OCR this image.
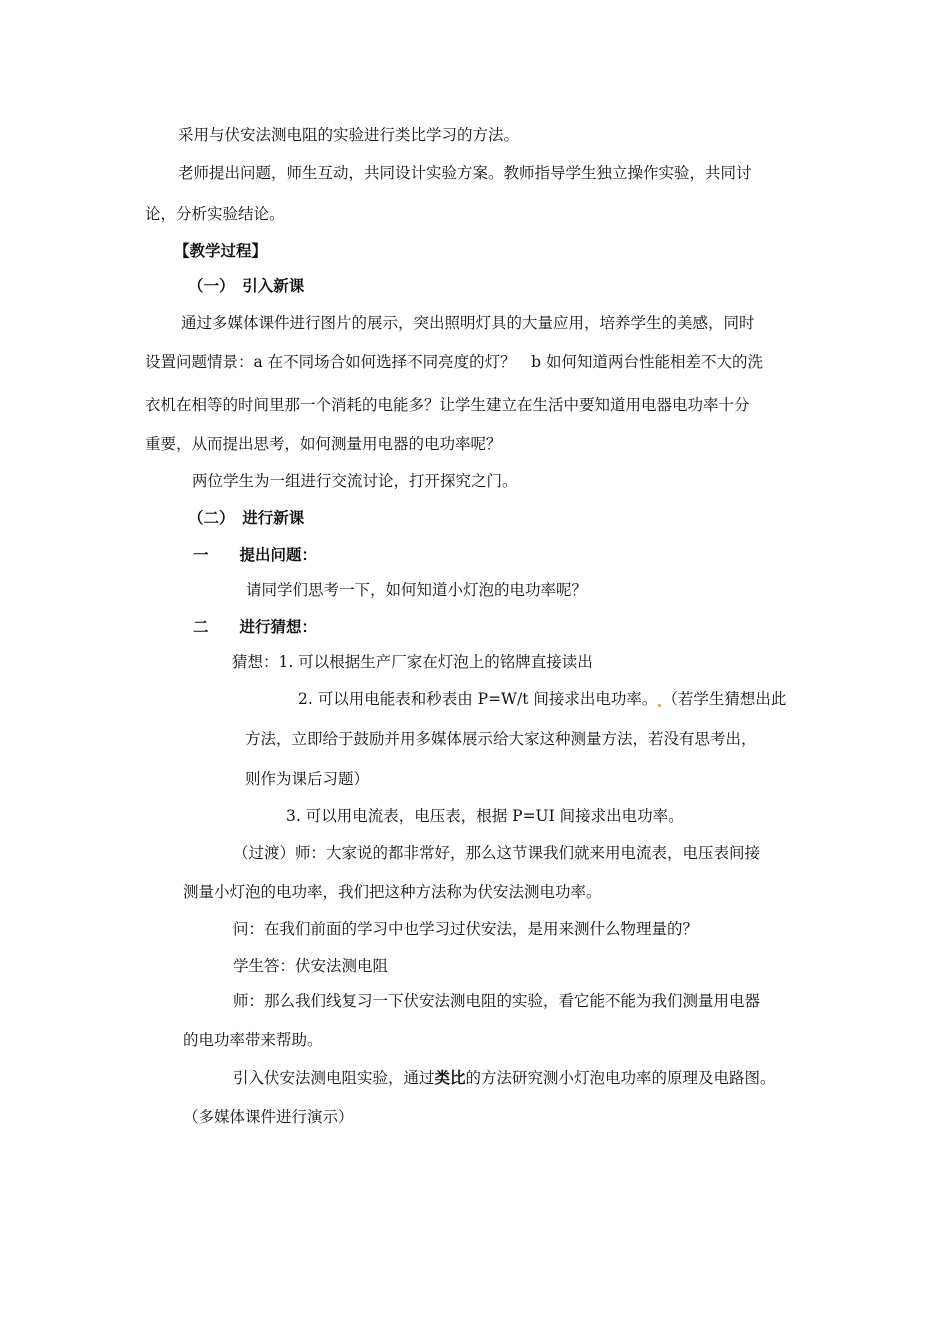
采用与伏安法测电阻的实验进行类比学习的方法。
老师提出问题，师生互动，共同设计实验方案。教师指导学生独立操作实验，共同讨
论，分析实验结论。
【教学过程】
（一）　引入新课
通过多媒体课件进行图片的展示，突出照明灯具的大量应用，培养学生的美感，同时
设置问题情景：a 在不同场合如何选择不同亮度的灯？　b 如何知道两台性能相差不大的洗
衣机在相等的时间里那一个消耗的电能多？让学生建立在生活中要知道用电器电功率十分
重要，从而提出思考，如何测量用电器的电功率呢？
两位学生为一组进行交流讨论，打开探究之门。
（二）　进行新课
一　　提出问题：
请同学们思考一下，如何知道小灯泡的电功率呢？
二　　进行猜想：
猜想：1. 可以根据生产厂家在灯泡上的铭牌直接读出
2. 可以用电能表和秒表由 P=W/t 间接求出电功率。 （若学生猜想出此
方法，立即给于鼓励并用多媒体展示给大家这种测量方法，若没有思考出，
则作为课后习题）
3. 可以用电流表，电压表，根据 P=UI 间接求出电功率。
（过渡）师：大家说的都非常好，那么这节课我们就来用电流表，电压表间接
测量小灯泡的电功率，我们把这种方法称为伏安法测电功率。
问：在我们前面的学习中也学习过伏安法，是用来测什么物理量的？
学生答：伏安法测电阻
师：那么我们线复习一下伏安法测电阻的实验，看它能不能为我们测量用电器
的电功率带来帮助。
引入伏安法测电阻实验，通过类比的方法研究测小灯泡电功率的原理及电路图。
（多媒体课件进行演示）
